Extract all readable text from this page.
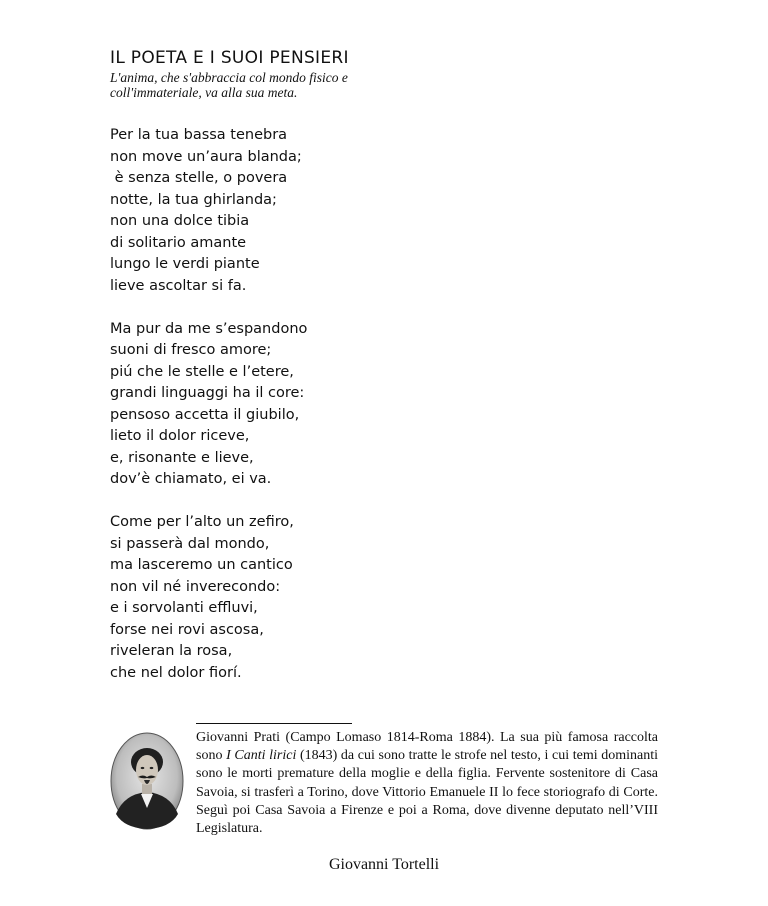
IL POETA E I SUOI PENSIERI
L'anima, che s'abbraccia col mondo fisico e coll'immateriale, va alla sua meta.
Per la tua bassa tenebra
non move un’aura blanda;
è senza stelle, o povera
notte, la tua ghirlanda;
non una dolce tibia
di solitario amante
lungo le verdi piante
lieve ascoltar si fa.
Ma pur da me s’espandono
suoni di fresco amore;
piú che le stelle e l’etere,
grandi linguaggi ha il core:
pensoso accetta il giubilo,
lieto il dolor riceve,
e, risonante e lieve,
dov’è chiamato, ei va.
Come per l’alto un zefiro,
si passerà dal mondo,
ma lasceremo un cantico
non vil né inverecondo:
e i sorvolanti effluvi,
forse nei rovi ascosa,
riveleran la rosa,
che nel dolor fiorí.
Giovanni Prati (Campo Lomaso 1814-Roma 1884). La sua più famosa raccolta sono I Canti lirici (1843) da cui sono tratte le strofe nel testo, i cui temi dominanti sono le morti premature della moglie e della figlia. Fervente sostenitore di Casa Savoia, si trasferì a Torino, dove Vittorio Emanuele II lo fece storiografo di Corte. Seguì poi Casa Savoia a Firenze e poi a Roma, dove divenne deputato nell’VIII Legislatura.
Giovanni Tortelli
